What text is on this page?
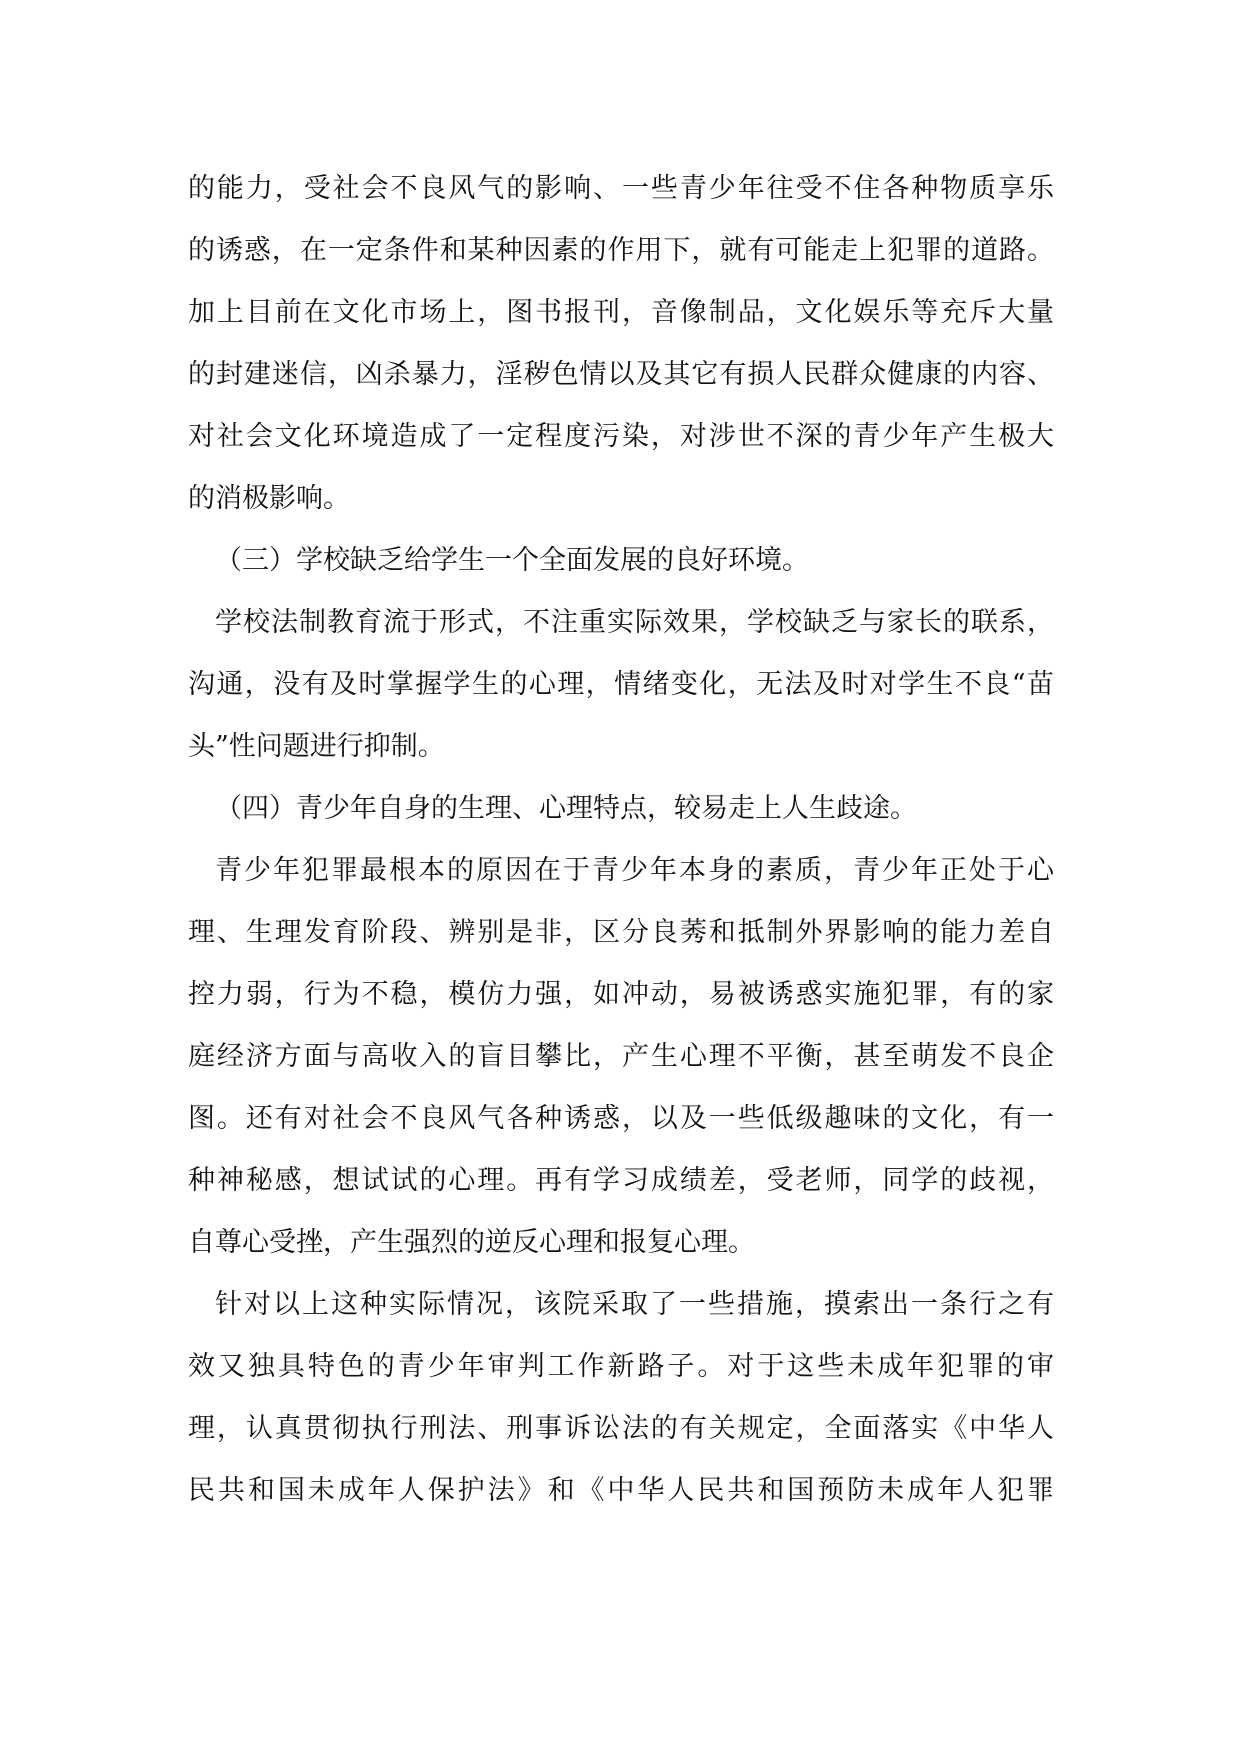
的能力，受社会不良风气的影响、一些青少年往受不住各种物质享乐
的诱惑，在一定条件和某种因素的作用下，就有可能走上犯罪的道路。
加上目前在文化市场上，图书报刊，音像制品，文化娱乐等充斥大量
的封建迷信，凶杀暴力，淫秽色情以及其它有损人民群众健康的内容、
对社会文化环境造成了一定程度污染，对涉世不深的青少年产生极大
的消极影响。
（三）学校缺乏给学生一个全面发展的良好环境。
学校法制教育流于形式，不注重实际效果，学校缺乏与家长的联系，
沟通，没有及时掌握学生的心理，情绪变化，无法及时对学生不良“苗
头”性问题进行抑制。
（四）青少年自身的生理、心理特点，较易走上人生歧途。
青少年犯罪最根本的原因在于青少年本身的素质，青少年正处于心
理、生理发育阶段、辨别是非，区分良莠和抵制外界影响的能力差自
控力弱，行为不稳，模仿力强，如冲动，易被诱惑实施犯罪，有的家
庭经济方面与高收入的盲目攀比，产生心理不平衡，甚至萌发不良企
图。还有对社会不良风气各种诱惑，以及一些低级趣味的文化，有一
种神秘感，想试试的心理。再有学习成绩差，受老师，同学的歧视，
自尊心受挫，产生强烈的逆反心理和报复心理。
针对以上这种实际情况，该院采取了一些措施，摸索出一条行之有
效又独具特色的青少年审判工作新路子。对于这些未成年犯罪的审
理，认真贯彻执行刑法、刑事诉讼法的有关规定，全面落实《中华人
民共和国未成年人保护法》和《中华人民共和国预防未成年人犯罪
